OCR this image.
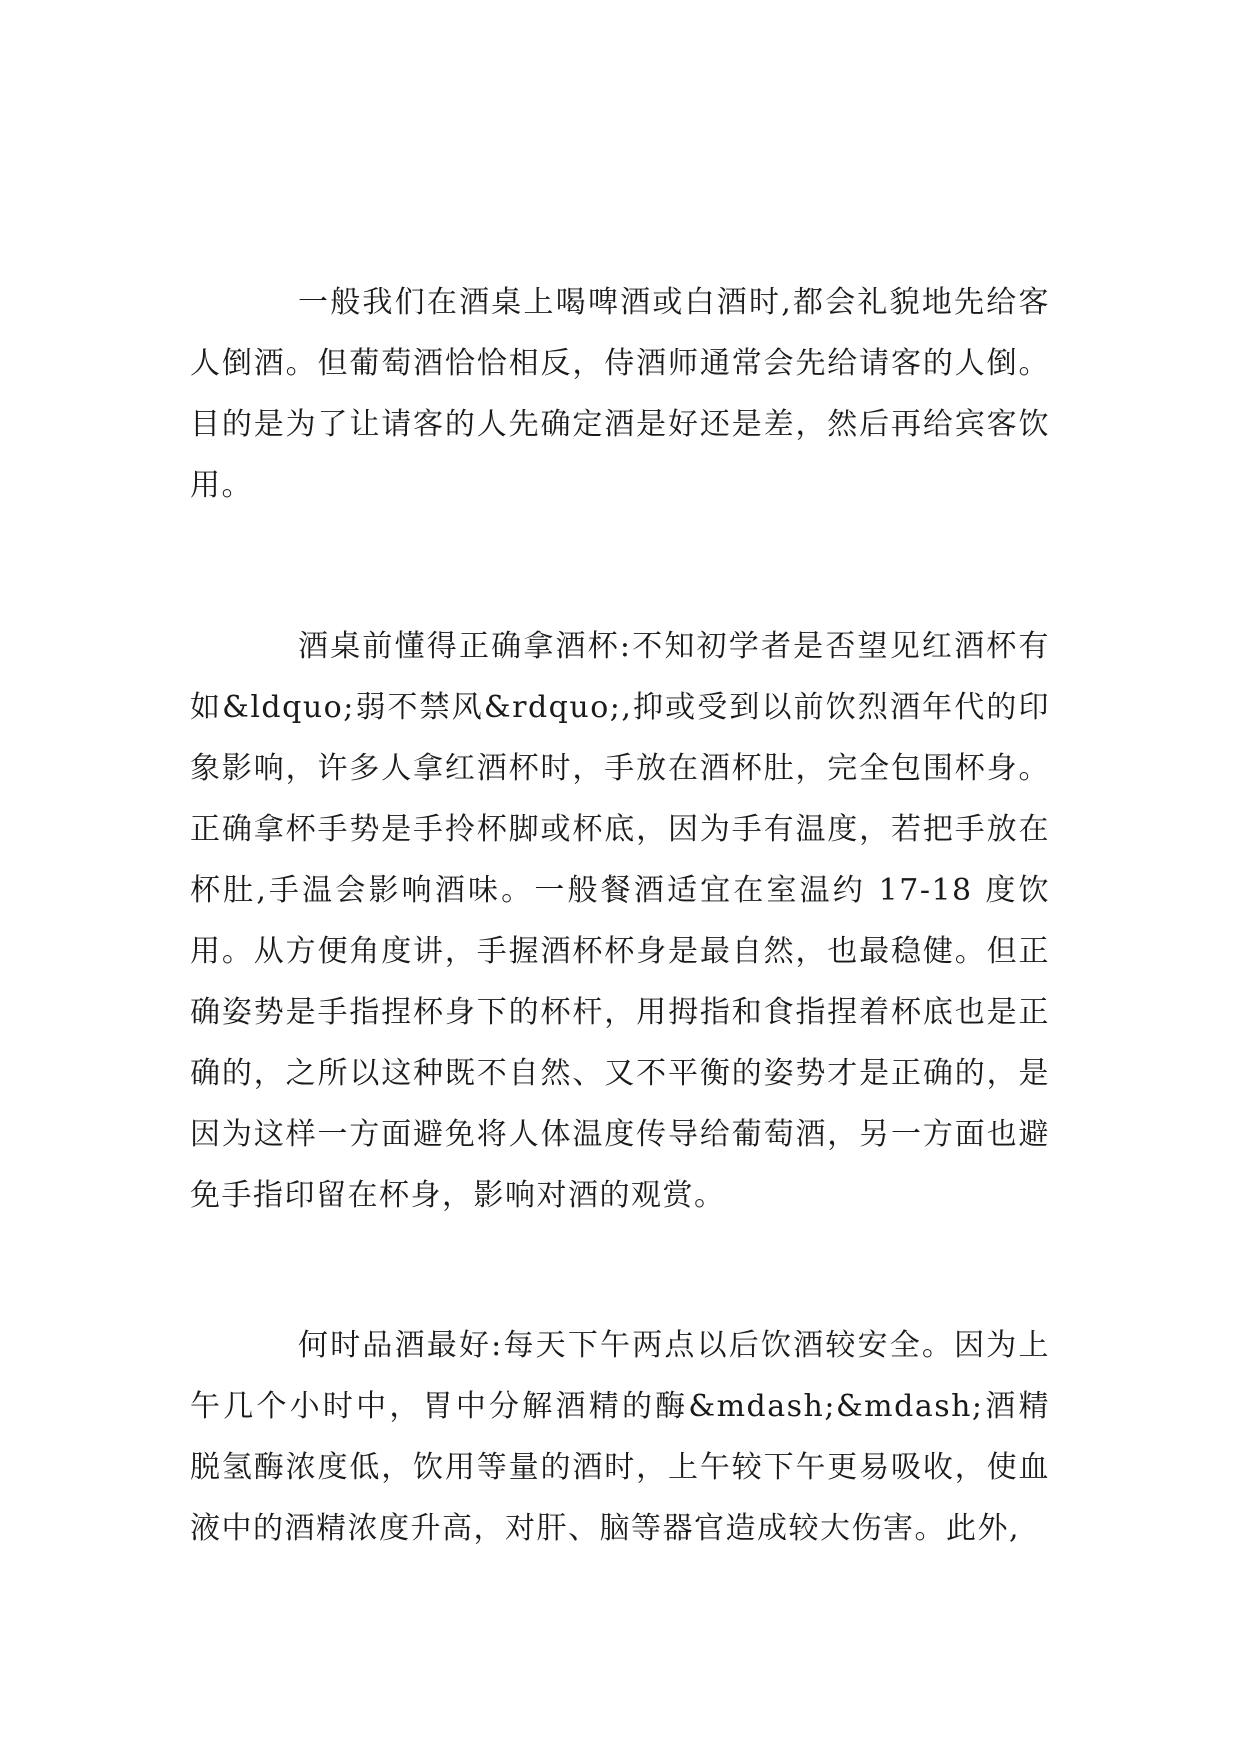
一般我们在酒桌上喝啤酒或白酒时,都会礼貌地先给客人倒酒。但葡萄酒恰恰相反，侍酒师通常会先给请客的人倒。目的是为了让请客的人先确定酒是好还是差，然后再给宾客饮用。

酒桌前懂得正确拿酒杯:不知初学者是否望见红酒杯有如&ldquo;弱不禁风&rdquo;,抑或受到以前饮烈酒年代的印象影响，许多人拿红酒杯时，手放在酒杯肚，完全包围杯身。正确拿杯手势是手拎杯脚或杯底，因为手有温度，若把手放在杯肚,手温会影响酒味。一般餐酒适宜在室温约 17-18 度饮用。从方便角度讲，手握酒杯杯身是最自然，也最稳健。但正确姿势是手指捏杯身下的杯杆，用拇指和食指捏着杯底也是正确的，之所以这种既不自然、又不平衡的姿势才是正确的，是因为这样一方面避免将人体温度传导给葡萄酒，另一方面也避免手指印留在杯身，影响对酒的观赏。

何时品酒最好:每天下午两点以后饮酒较安全。因为上午几个小时中，胃中分解酒精的酶&mdash;&mdash;酒精脱氢酶浓度低，饮用等量的酒时，上午较下午更易吸收，使血液中的酒精浓度升高，对肝、脑等器官造成较大伤害。此外,
